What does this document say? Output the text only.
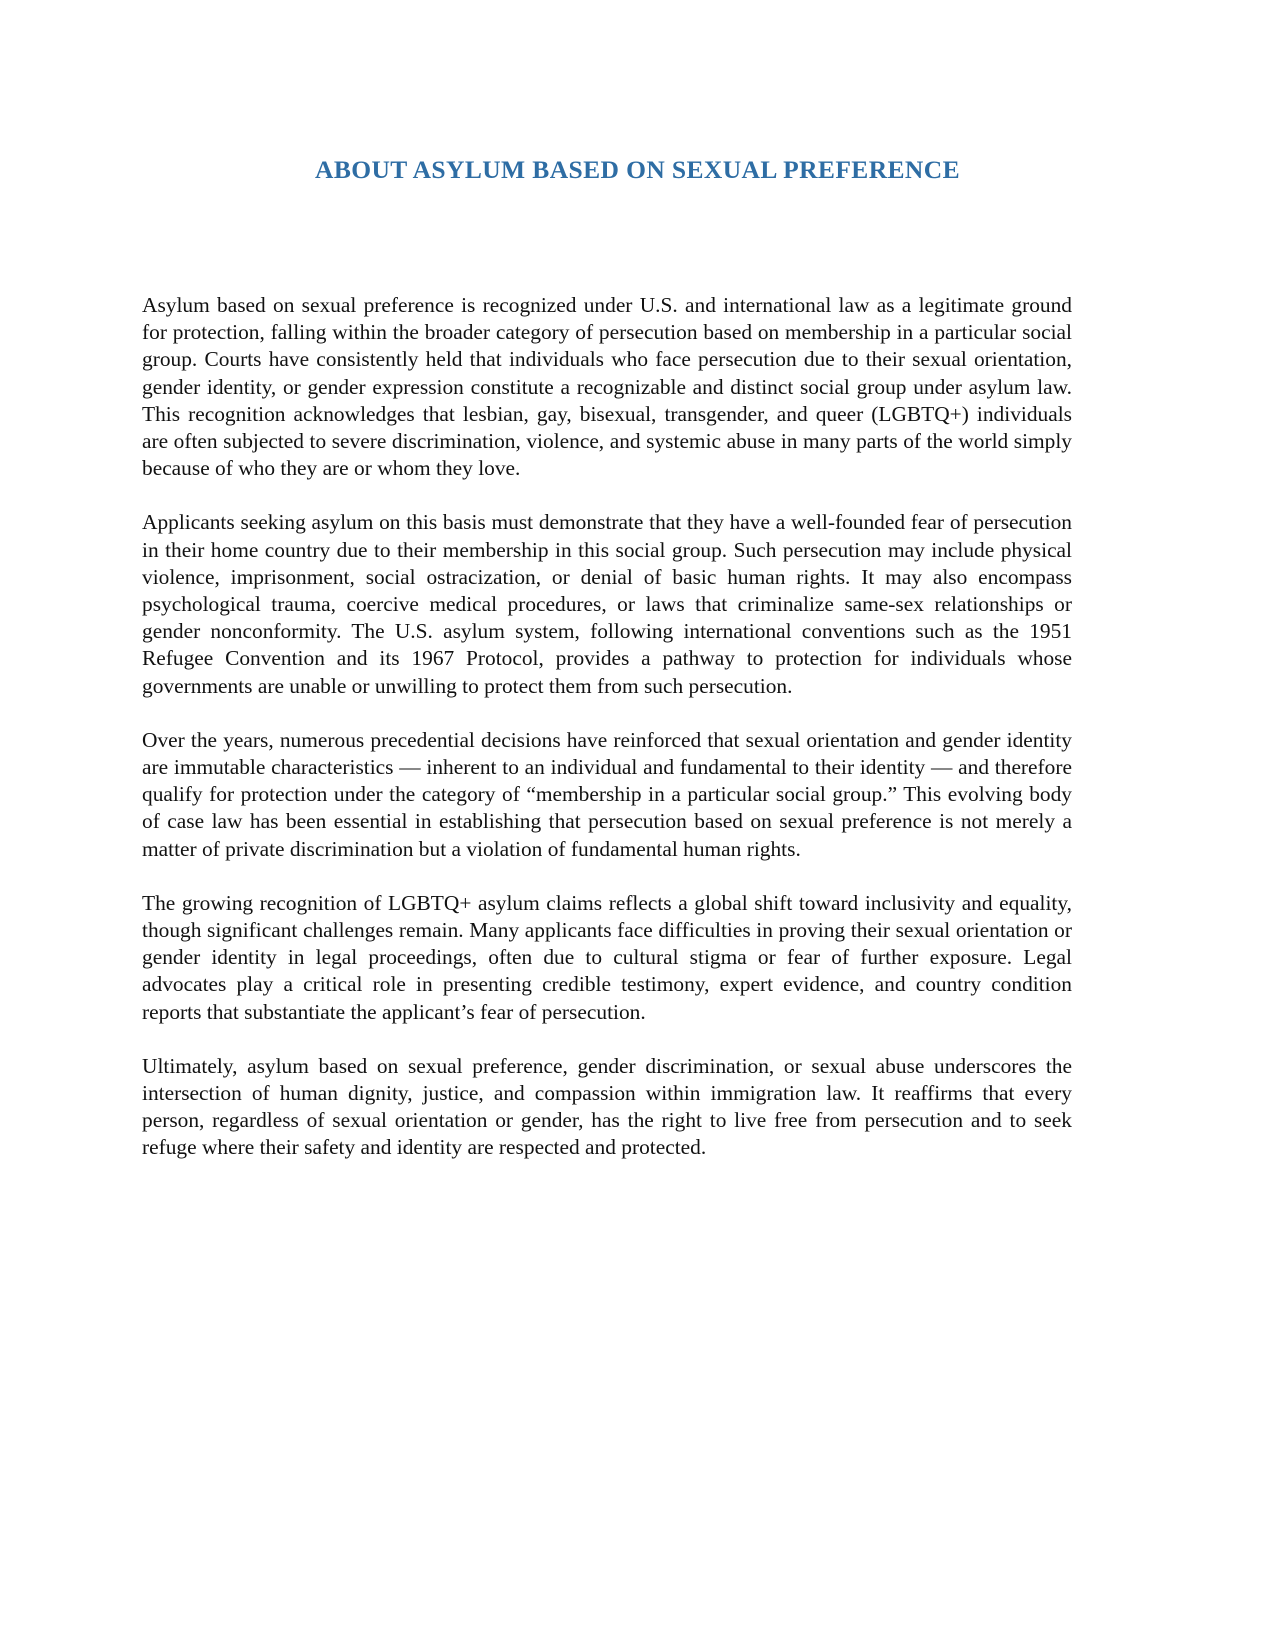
ABOUT ASYLUM BASED ON SEXUAL PREFERENCE

Asylum based on sexual preference is recognized under U.S. and international law as a legitimate ground for protection, falling within the broader category of persecution based on membership in a particular social group. Courts have consistently held that individuals who face persecution due to their sexual orientation, gender identity, or gender expression constitute a recognizable and distinct social group under asylum law. This recognition acknowledges that lesbian, gay, bisexual, transgender, and queer (LGBTQ+) individuals are often subjected to severe discrimination, violence, and systemic abuse in many parts of the world simply because of who they are or whom they love.

Applicants seeking asylum on this basis must demonstrate that they have a well-founded fear of persecution in their home country due to their membership in this social group. Such persecution may include physical violence, imprisonment, social ostracization, or denial of basic human rights. It may also encompass psychological trauma, coercive medical procedures, or laws that criminalize same-sex relationships or gender nonconformity. The U.S. asylum system, following international conventions such as the 1951 Refugee Convention and its 1967 Protocol, provides a pathway to protection for individuals whose governments are unable or unwilling to protect them from such persecution.

Over the years, numerous precedential decisions have reinforced that sexual orientation and gender identity are immutable characteristics — inherent to an individual and fundamental to their identity — and therefore qualify for protection under the category of “membership in a particular social group.” This evolving body of case law has been essential in establishing that persecution based on sexual preference is not merely a matter of private discrimination but a violation of fundamental human rights.

The growing recognition of LGBTQ+ asylum claims reflects a global shift toward inclusivity and equality, though significant challenges remain. Many applicants face difficulties in proving their sexual orientation or gender identity in legal proceedings, often due to cultural stigma or fear of further exposure. Legal advocates play a critical role in presenting credible testimony, expert evidence, and country condition reports that substantiate the applicant’s fear of persecution.

Ultimately, asylum based on sexual preference, gender discrimination, or sexual abuse underscores the intersection of human dignity, justice, and compassion within immigration law. It reaffirms that every person, regardless of sexual orientation or gender, has the right to live free from persecution and to seek refuge where their safety and identity are respected and protected.
